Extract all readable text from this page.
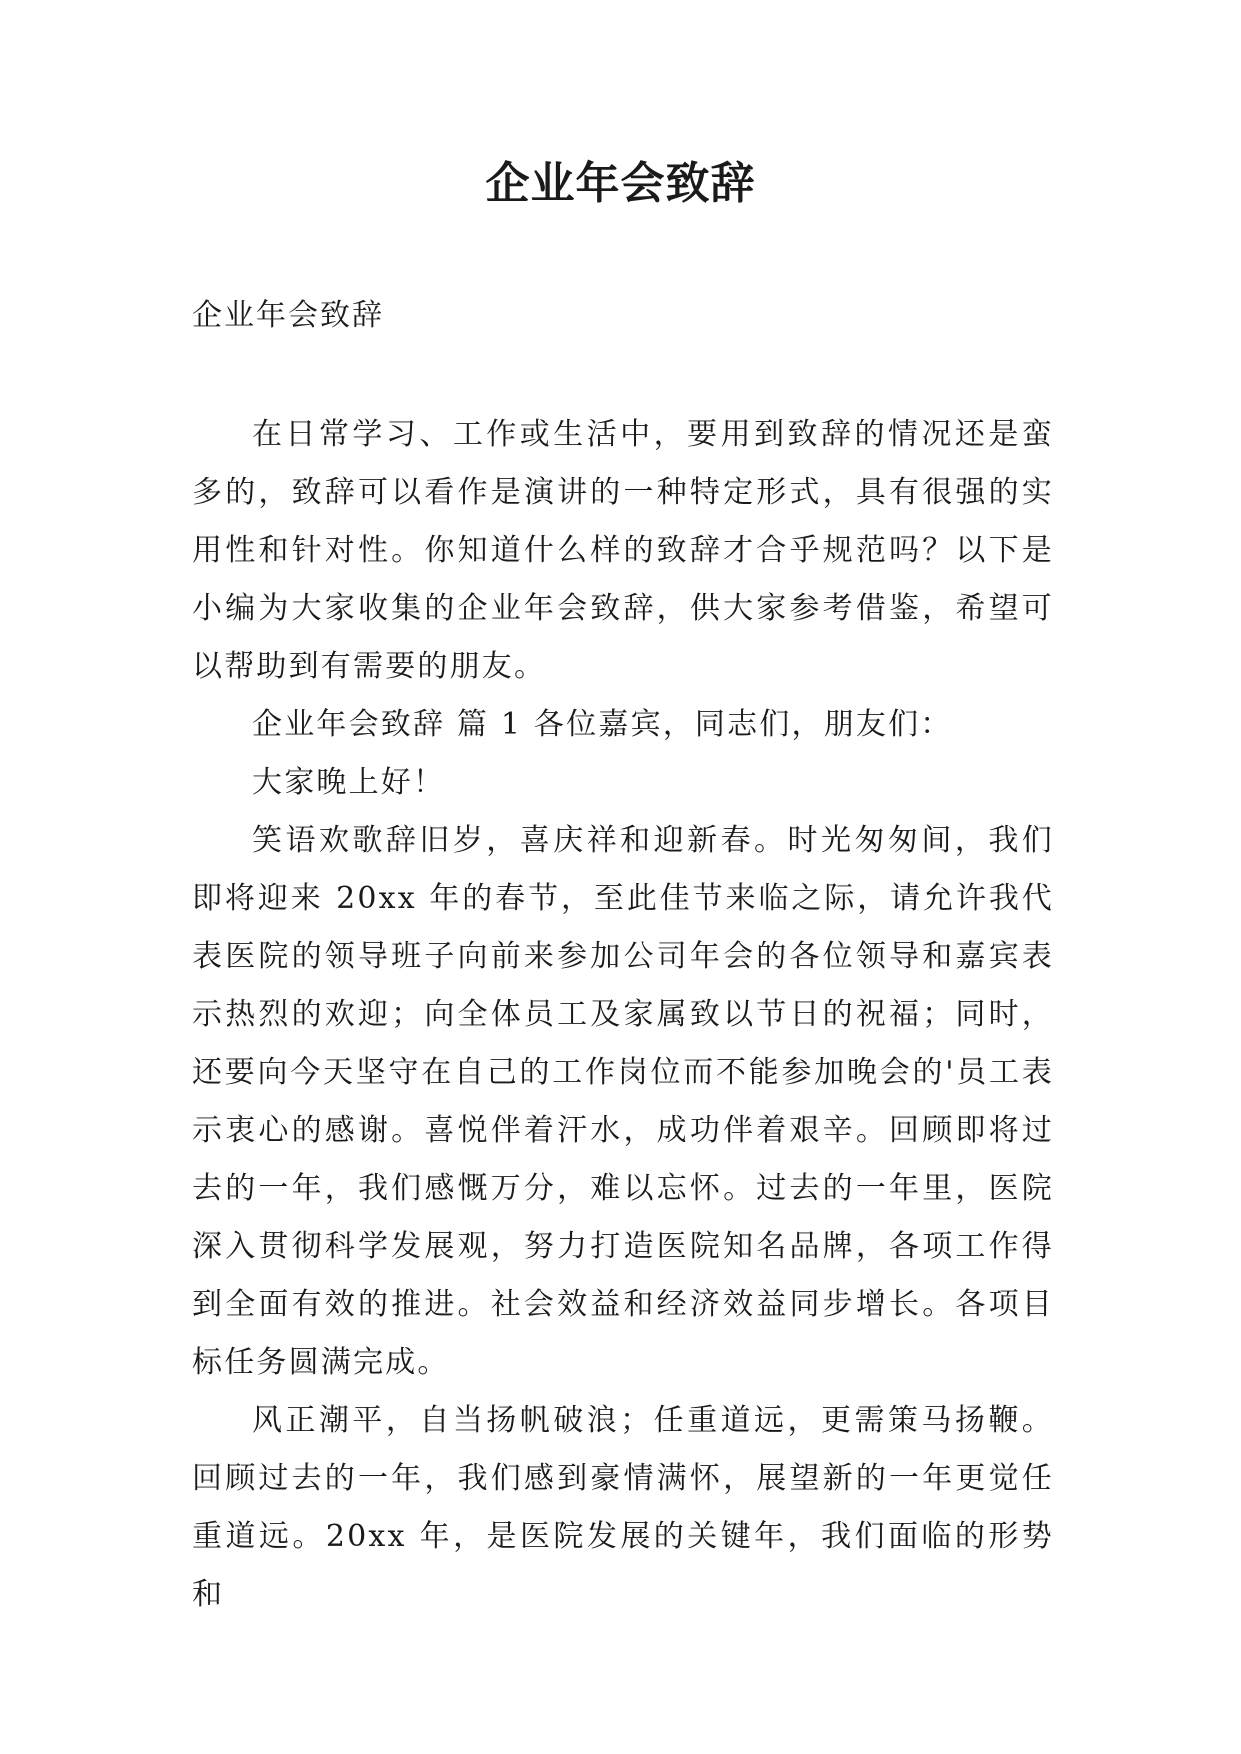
企业年会致辞
企业年会致辞

在日常学习、工作或生活中，要用到致辞的情况还是蛮多的，致辞可以看作是演讲的一种特定形式，具有很强的实用性和针对性。你知道什么样的致辞才合乎规范吗？以下是小编为大家收集的企业年会致辞，供大家参考借鉴，希望可以帮助到有需要的朋友。

企业年会致辞 篇 1 各位嘉宾，同志们，朋友们：

大家晚上好！

笑语欢歌辞旧岁，喜庆祥和迎新春。时光匆匆间，我们即将迎来 20xx 年的春节，至此佳节来临之际，请允许我代表医院的领导班子向前来参加公司年会的各位领导和嘉宾表示热烈的欢迎；向全体员工及家属致以节日的祝福；同时，还要向今天坚守在自己的工作岗位而不能参加晚会的'员工表示衷心的感谢。喜悦伴着汗水，成功伴着艰辛。回顾即将过去的一年，我们感慨万分，难以忘怀。过去的一年里，医院深入贯彻科学发展观，努力打造医院知名品牌，各项工作得到全面有效的推进。社会效益和经济效益同步增长。各项目标任务圆满完成。

风正潮平，自当扬帆破浪；任重道远，更需策马扬鞭。回顾过去的一年，我们感到豪情满怀，展望新的一年更觉任重道远。20xx 年，是医院发展的关键年，我们面临的形势和
